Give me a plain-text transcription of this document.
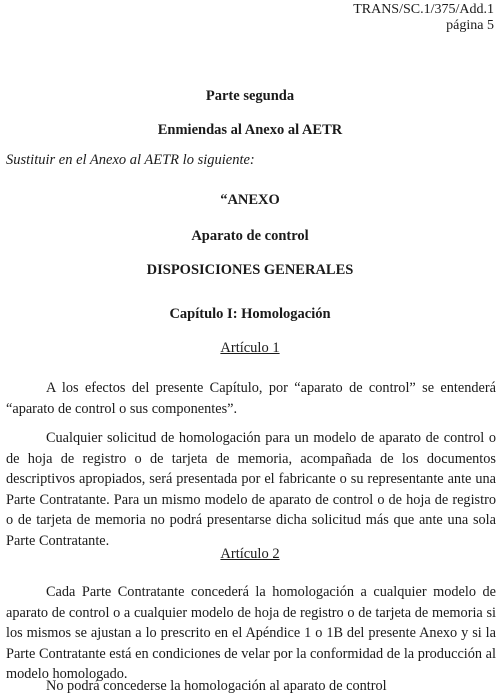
TRANS/SC.1/375/Add.1
página 5
Parte segunda
Enmiendas al Anexo al AETR
Sustituir en el Anexo al AETR lo siguiente:
“ANEXO
Aparato de control
DISPOSICIONES GENERALES
Capítulo I: Homologación
Artículo 1

A los efectos del presente Capítulo, por “aparato de control” se entenderá “aparato de control o sus componentes”.

Cualquier solicitud de homologación para un modelo de aparato de control o de hoja de registro o de tarjeta de memoria, acompañada de los documentos descriptivos apropiados, será presentada por el fabricante o su representante ante una Parte Contratante. Para un mismo modelo de aparato de control o de hoja de registro o de tarjeta de memoria no podrá presentarse dicha solicitud más que ante una sola Parte Contratante.

Artículo 2

Cada Parte Contratante concederá la homologación a cualquier modelo de aparato de control o a cualquier modelo de hoja de registro o de tarjeta de memoria si los mismos se ajustan a lo prescrito en el Apéndice 1 o 1B del presente Anexo y si la Parte Contratante está en condiciones de velar por la conformidad de la producción al modelo homologado.

No podrá concederse la homologación al aparato de control
